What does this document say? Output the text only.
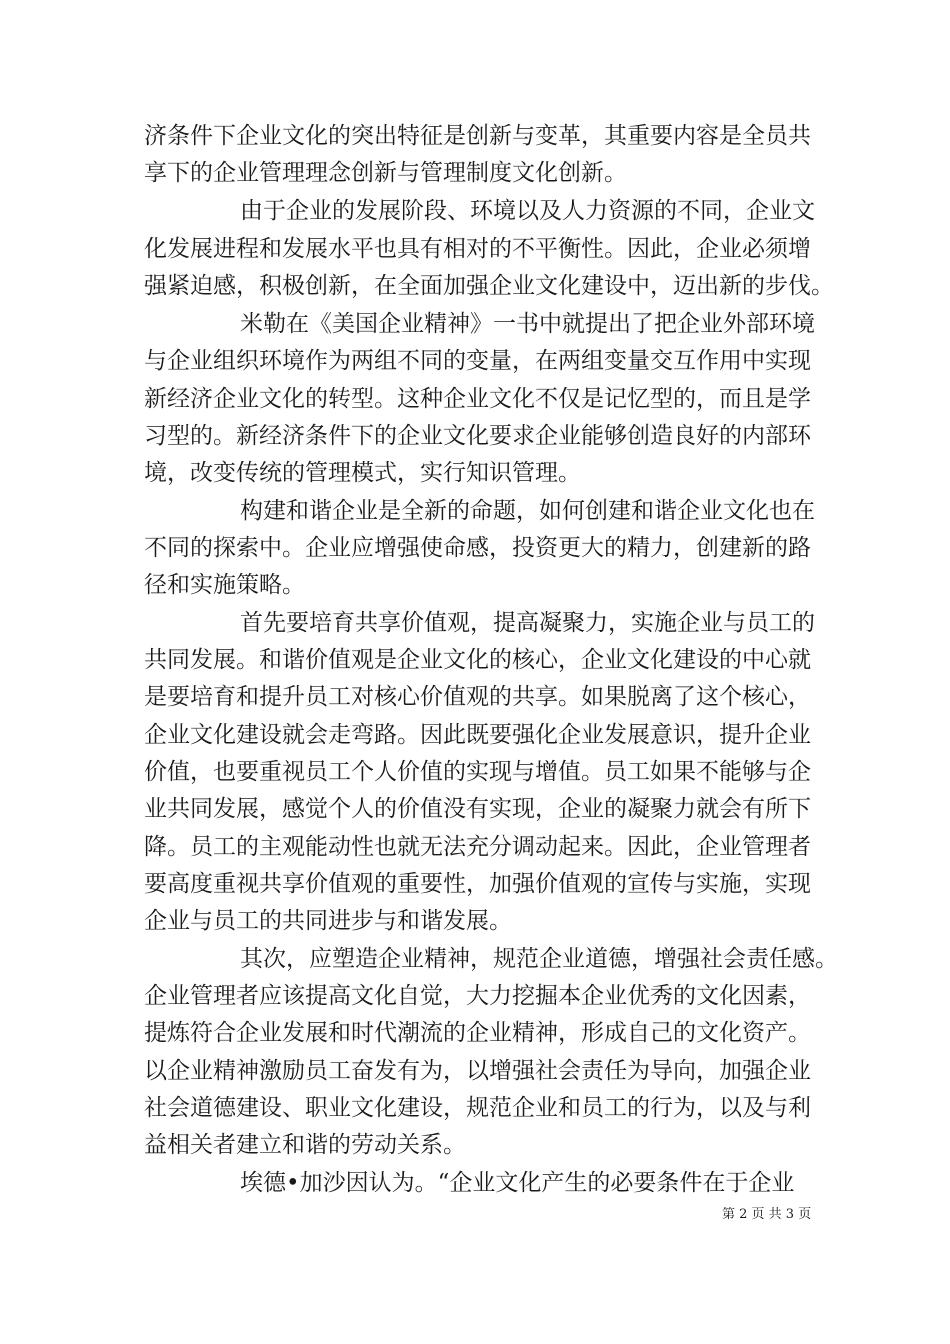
济条件下企业文化的突出特征是创新与变革，其重要内容是全员共
享下的企业管理理念创新与管理制度文化创新。
由于企业的发展阶段、环境以及人力资源的不同，企业文
化发展进程和发展水平也具有相对的不平衡性。因此，企业必须增
强紧迫感，积极创新，在全面加强企业文化建设中，迈出新的步伐。
米勒在《美国企业精神》一书中就提出了把企业外部环境
与企业组织环境作为两组不同的变量，在两组变量交互作用中实现
新经济企业文化的转型。这种企业文化不仅是记忆型的，而且是学
习型的。新经济条件下的企业文化要求企业能够创造良好的内部环
境，改变传统的管理模式，实行知识管理。
构建和谐企业是全新的命题，如何创建和谐企业文化也在
不同的探索中。企业应增强使命感，投资更大的精力，创建新的路
径和实施策略。
首先要培育共享价值观，提高凝聚力，实施企业与员工的
共同发展。和谐价值观是企业文化的核心，企业文化建设的中心就
是要培育和提升员工对核心价值观的共享。如果脱离了这个核心，
企业文化建设就会走弯路。因此既要强化企业发展意识，提升企业
价值，也要重视员工个人价值的实现与增值。员工如果不能够与企
业共同发展，感觉个人的价值没有实现，企业的凝聚力就会有所下
降。员工的主观能动性也就无法充分调动起来。因此，企业管理者
要高度重视共享价值观的重要性，加强价值观的宣传与实施，实现
企业与员工的共同进步与和谐发展。
其次，应塑造企业精神，规范企业道德，增强社会责任感。
企业管理者应该提高文化自觉，大力挖掘本企业优秀的文化因素，
提炼符合企业发展和时代潮流的企业精神，形成自己的文化资产。
以企业精神激励员工奋发有为，以增强社会责任为导向，加强企业
社会道德建设、职业文化建设，规范企业和员工的行为，以及与利
益相关者建立和谐的劳动关系。
埃德•加沙因认为。“企业文化产生的必要条件在于企业
第 2 页 共 3 页
